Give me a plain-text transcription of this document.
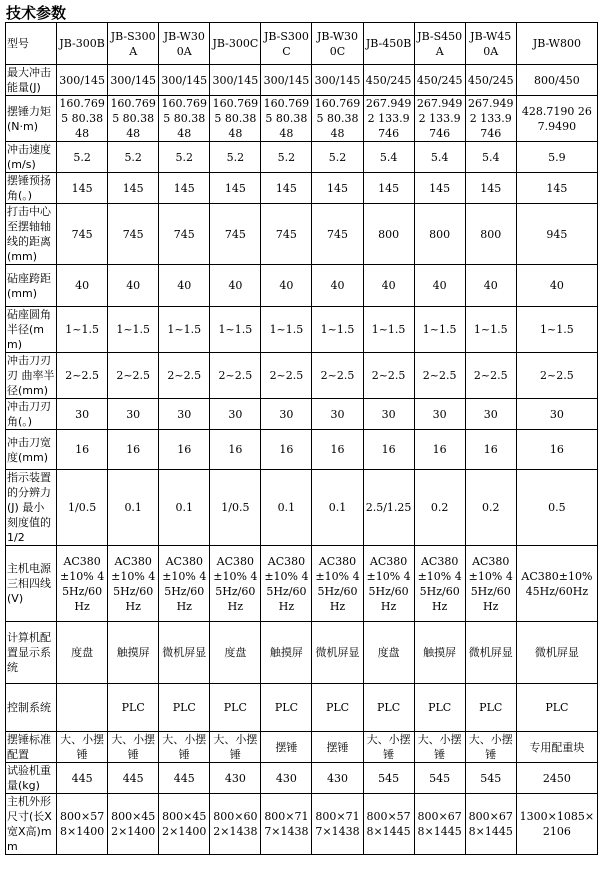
技术参数
型号	JB-300B	JB-S300A	JB-W300A	JB-300C	JB-S300C	JB-W300C	JB-450B	JB-S450A	JB-W450A	JB-W800
最大冲击能量(J)	300/145	300/145	300/145	300/145	300/145	300/145	450/245	450/245	450/245	800/450
摆锤力矩(N·m)	160.7695 80.3848	160.7695 80.3848	160.7695 80.3848	160.7695 80.3848	160.7695 80.3848	160.7695 80.3848	267.9492 133.9746	267.9492 133.9746	267.9492 133.9746	428.7190 267.9490
冲击速度(m/s)	5.2	5.2	5.2	5.2	5.2	5.2	5.4	5.4	5.4	5.9
摆锤预扬角(。)	145	145	145	145	145	145	145	145	145	145
打击中心至摆轴轴线的距离(mm)	745	745	745	745	745	745	800	800	800	945
砧座跨距(mm)	40	40	40	40	40	40	40	40	40	40
砧座圆角半径(mm)	1~1.5	1~1.5	1~1.5	1~1.5	1~1.5	1~1.5	1~1.5	1~1.5	1~1.5	1~1.5
冲击刀刃刃 曲率半径(mm)	2~2.5	2~2.5	2~2.5	2~2.5	2~2.5	2~2.5	2~2.5	2~2.5	2~2.5	2~2.5
冲击刀刃角(。)	30	30	30	30	30	30	30	30	30	30
冲击刀宽度(mm)	16	16	16	16	16	16	16	16	16	16
指示装置的分辨力(J) 最小刻度值的1/2	1/0.5	0.1	0.1	1/0.5	0.1	0.1	2.5/1.25	0.2	0.2	0.5
主机电源三相四线(V)	AC380±10% 45Hz/60Hz	AC380±10% 45Hz/60Hz	AC380±10% 45Hz/60Hz	AC380±10% 45Hz/60Hz	AC380±10% 45Hz/60Hz	AC380±10% 45Hz/60Hz	AC380±10% 45Hz/60Hz	AC380±10% 45Hz/60Hz	AC380±10% 45Hz/60Hz	AC380±10% 45Hz/60Hz
计算机配置显示系统	度盘	触摸屏	微机屏显	度盘	触摸屏	微机屏显	度盘	触摸屏	微机屏显	微机屏显
控制系统		PLC	PLC	PLC	PLC	PLC	PLC	PLC	PLC	PLC
摆锤标准配置	大、小摆锤	大、小摆锤	大、小摆锤	大、小摆锤	摆锤	摆锤	大、小摆锤	大、小摆锤	大、小摆锤	专用配重块
试验机重量(kg)	445	445	445	430	430	430	545	545	545	2450
主机外形尺寸(长X宽X高)mm	800×578×1400	800×452×1400	800×452×1400	800×602×1438	800×717×1438	800×717×1438	800×578×1445	800×678×1445	800×678×1445	1300×1085×2106
